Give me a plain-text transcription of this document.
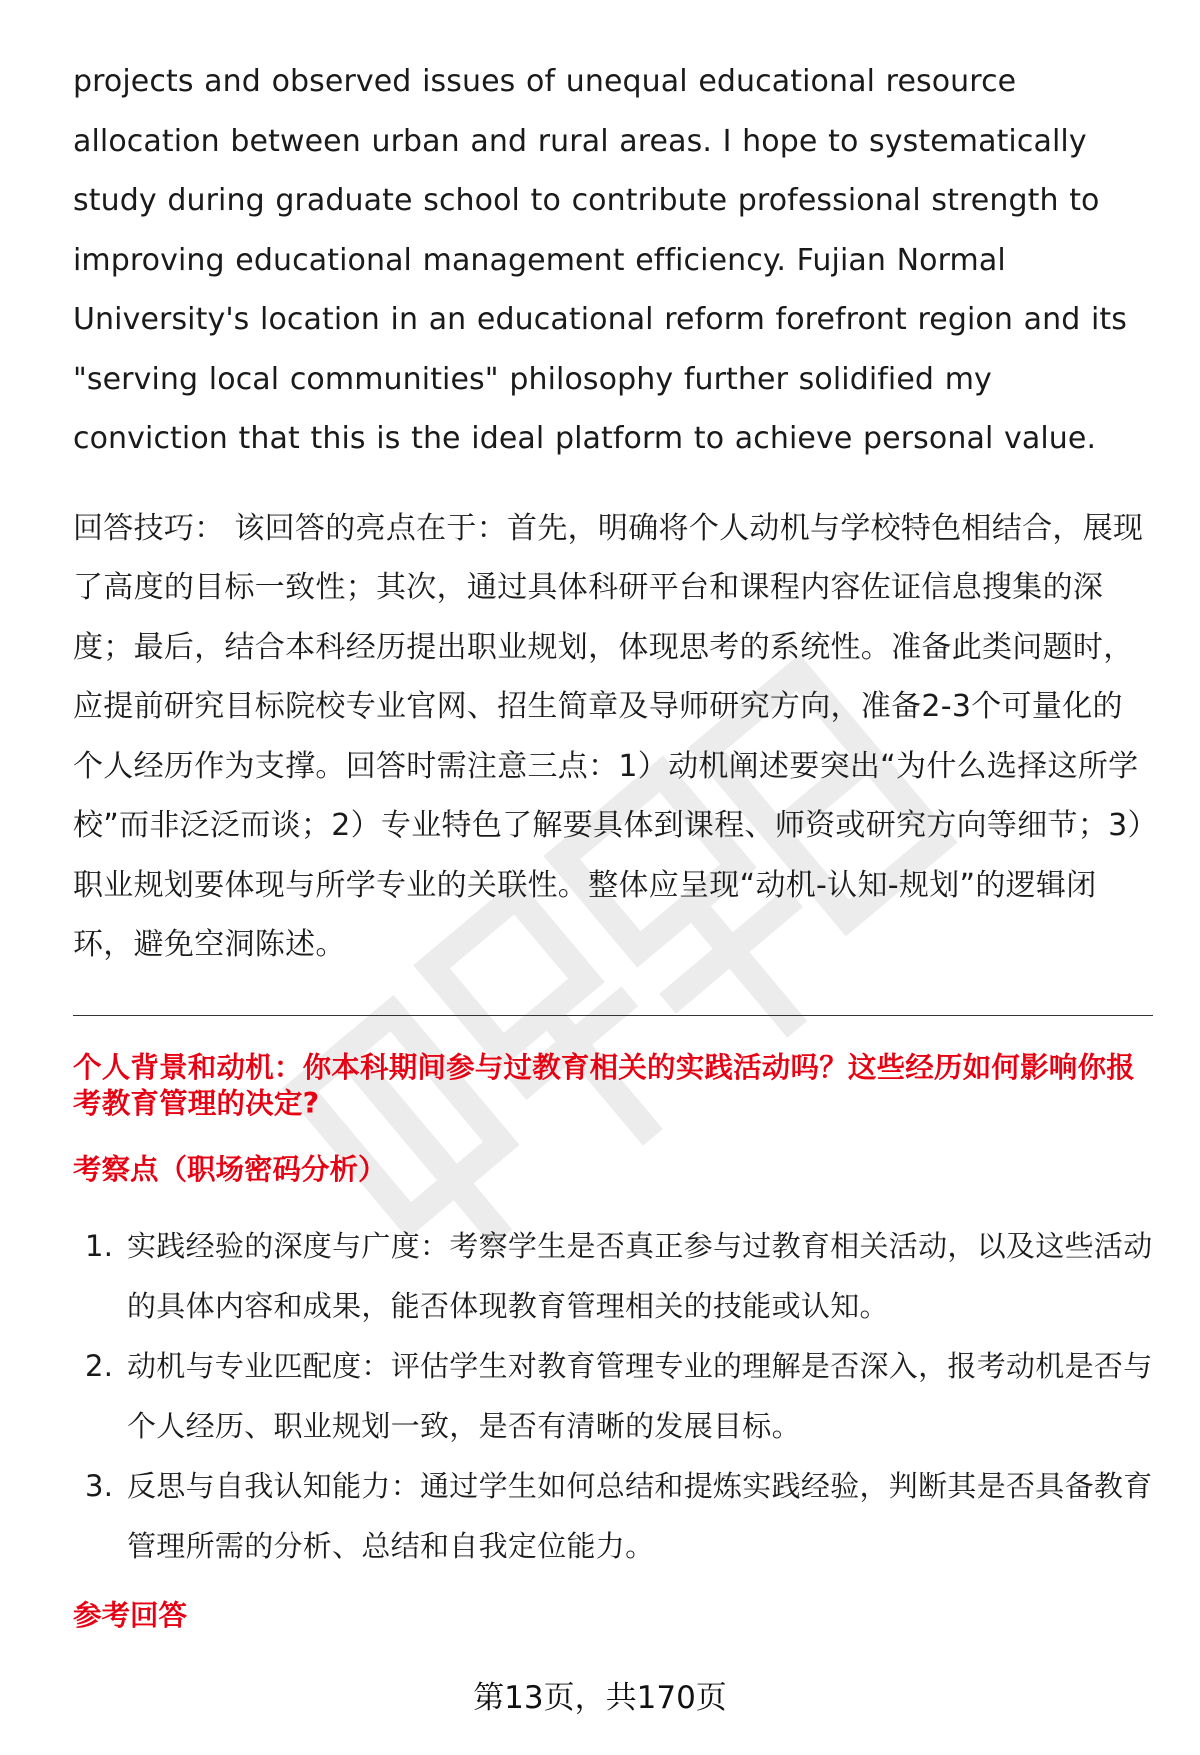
projects and observed issues of unequal educational resource allocation between urban and rural areas. I hope to systematically study during graduate school to contribute professional strength to improving educational management efficiency. Fujian Normal University's location in an educational reform forefront region and its "serving local communities" philosophy further solidified my conviction that this is the ideal platform to achieve personal value.

回答技巧： 该回答的亮点在于：首先，明确将个人动机与学校特色相结合，展现了高度的目标一致性；其次，通过具体科研平台和课程内容佐证信息搜集的深度；最后，结合本科经历提出职业规划，体现思考的系统性。准备此类问题时，应提前研究目标院校专业官网、招生简章及导师研究方向，准备2-3个可量化的个人经历作为支撑。回答时需注意三点：1）动机阐述要突出“为什么选择这所学校”而非泛泛而谈；2）专业特色了解要具体到课程、师资或研究方向等细节；3）职业规划要体现与所学专业的关联性。整体应呈现“动机-认知-规划”的逻辑闭环，避免空洞陈述。

个人背景和动机：你本科期间参与过教育相关的实践活动吗？这些经历如何影响你报考教育管理的决定?

考察点（职场密码分析）

1. 实践经验的深度与广度：考察学生是否真正参与过教育相关活动，以及这些活动的具体内容和成果，能否体现教育管理相关的技能或认知。
2. 动机与专业匹配度：评估学生对教育管理专业的理解是否深入，报考动机是否与个人经历、职业规划一致，是否有清晰的发展目标。
3. 反思与自我认知能力：通过学生如何总结和提炼实践经验，判断其是否具备教育管理所需的分析、总结和自我定位能力。

参考回答

第13页，共170页
